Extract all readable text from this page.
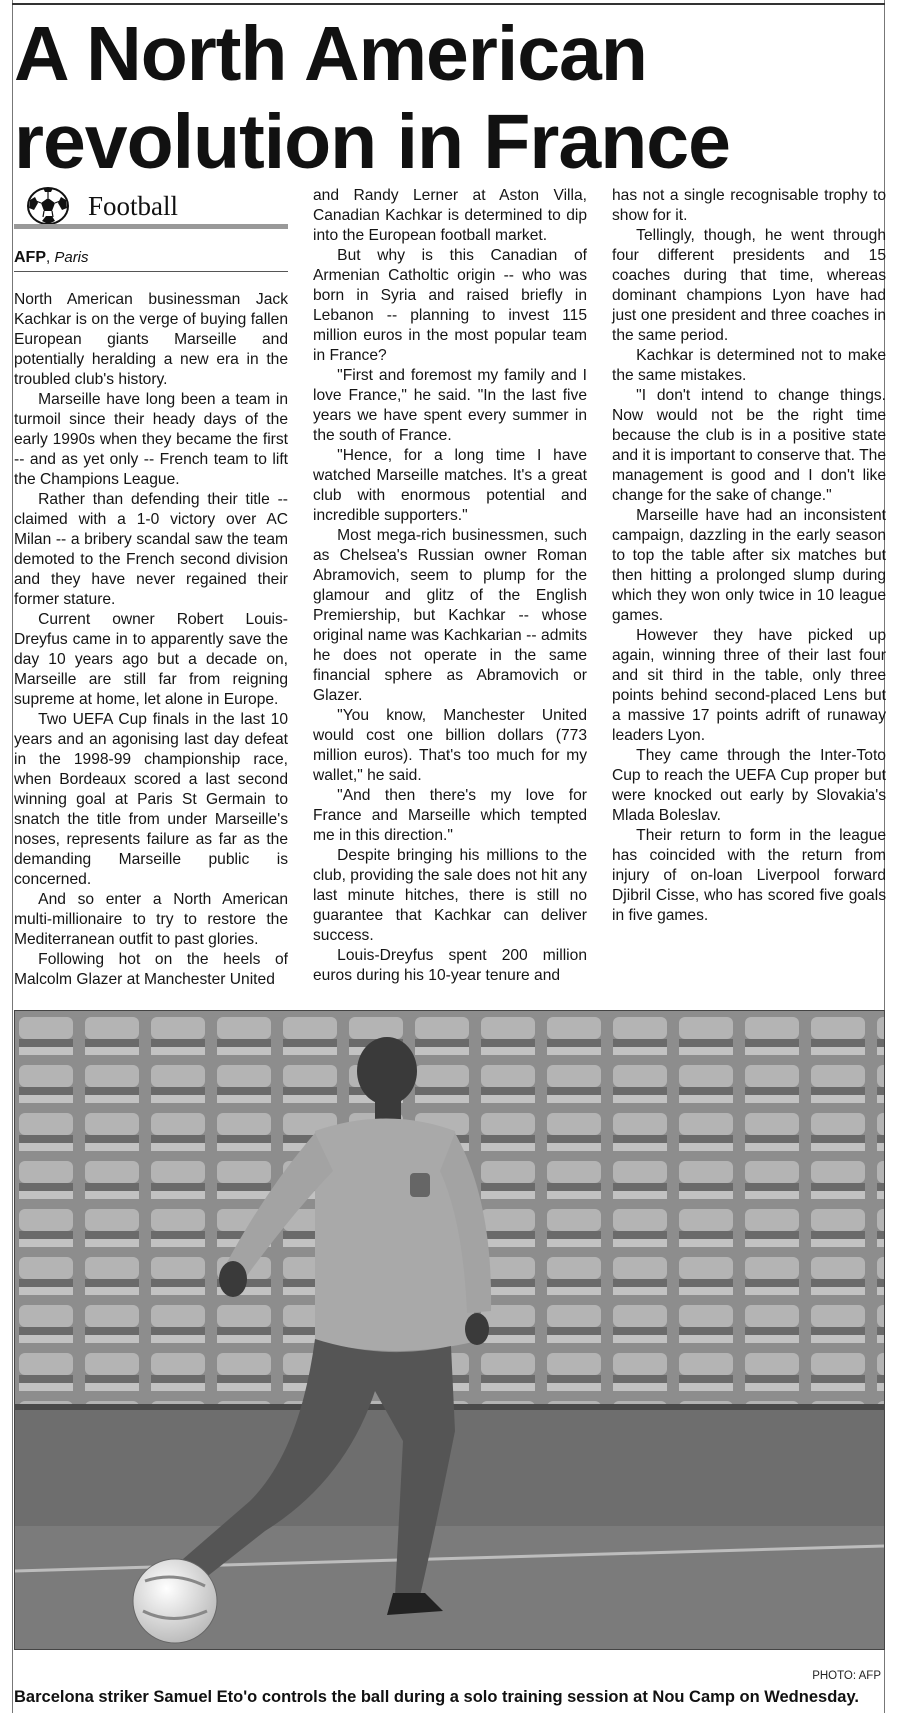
A North American revolution in France
Football
AFP, Paris

North American businessman Jack Kachkar is on the verge of buying fallen European giants Marseille and potentially heralding a new era in the troubled club's history.

Marseille have long been a team in turmoil since their heady days of the early 1990s when they became the first -- and as yet only -- French team to lift the Champions League.

Rather than defending their title -- claimed with a 1-0 victory over AC Milan -- a bribery scandal saw the team demoted to the French second division and they have never regained their former stature.

Current owner Robert Louis-Dreyfus came in to apparently save the day 10 years ago but a decade on, Marseille are still far from reigning supreme at home, let alone in Europe.

Two UEFA Cup finals in the last 10 years and an agonising last day defeat in the 1998-99 championship race, when Bordeaux scored a last second winning goal at Paris St Germain to snatch the title from under Marseille's noses, represents failure as far as the demanding Marseille public is concerned.

And so enter a North American multi-millionaire to try to restore the Mediterranean outfit to past glories.

Following hot on the heels of Malcolm Glazer at Manchester United

and Randy Lerner at Aston Villa, Canadian Kachkar is determined to dip into the European football market.

But why is this Canadian of Armenian Catholtic origin -- who was born in Syria and raised briefly in Lebanon -- planning to invest 115 million euros in the most popular team in France?

"First and foremost my family and I love France," he said. "In the last five years we have spent every summer in the south of France.

"Hence, for a long time I have watched Marseille matches. It's a great club with enormous potential and incredible supporters."

Most mega-rich businessmen, such as Chelsea's Russian owner Roman Abramovich, seem to plump for the glamour and glitz of the English Premiership, but Kachkar -- whose original name was Kachkarian -- admits he does not operate in the same financial sphere as Abramovich or Glazer.

"You know, Manchester United would cost one billion dollars (773 million euros). That's too much for my wallet," he said.

"And then there's my love for France and Marseille which tempted me in this direction."

Despite bringing his millions to the club, providing the sale does not hit any last minute hitches, there is still no guarantee that Kachkar can deliver success.

Louis-Dreyfus spent 200 million euros during his 10-year tenure and

has not a single recognisable trophy to show for it.

Tellingly, though, he went through four different presidents and 15 coaches during that time, whereas dominant champions Lyon have had just one president and three coaches in the same period.

Kachkar is determined not to make the same mistakes.

"I don't intend to change things. Now would not be the right time because the club is in a positive state and it is important to conserve that. The management is good and I don't like change for the sake of change."

Marseille have had an inconsistent campaign, dazzling in the early season to top the table after six matches but then hitting a prolonged slump during which they won only twice in 10 league games.

However they have picked up again, winning three of their last four and sit third in the table, only three points behind second-placed Lens but a massive 17 points adrift of runaway leaders Lyon.

They came through the Inter-Toto Cup to reach the UEFA Cup proper but were knocked out early by Slovakia's Mlada Boleslav.

Their return to form in the league has coincided with the return from injury of on-loan Liverpool forward Djibril Cisse, who has scored five goals in five games.

PHOTO: AFP
Barcelona striker Samuel Eto'o controls the ball during a solo training session at Nou Camp on Wednesday.
